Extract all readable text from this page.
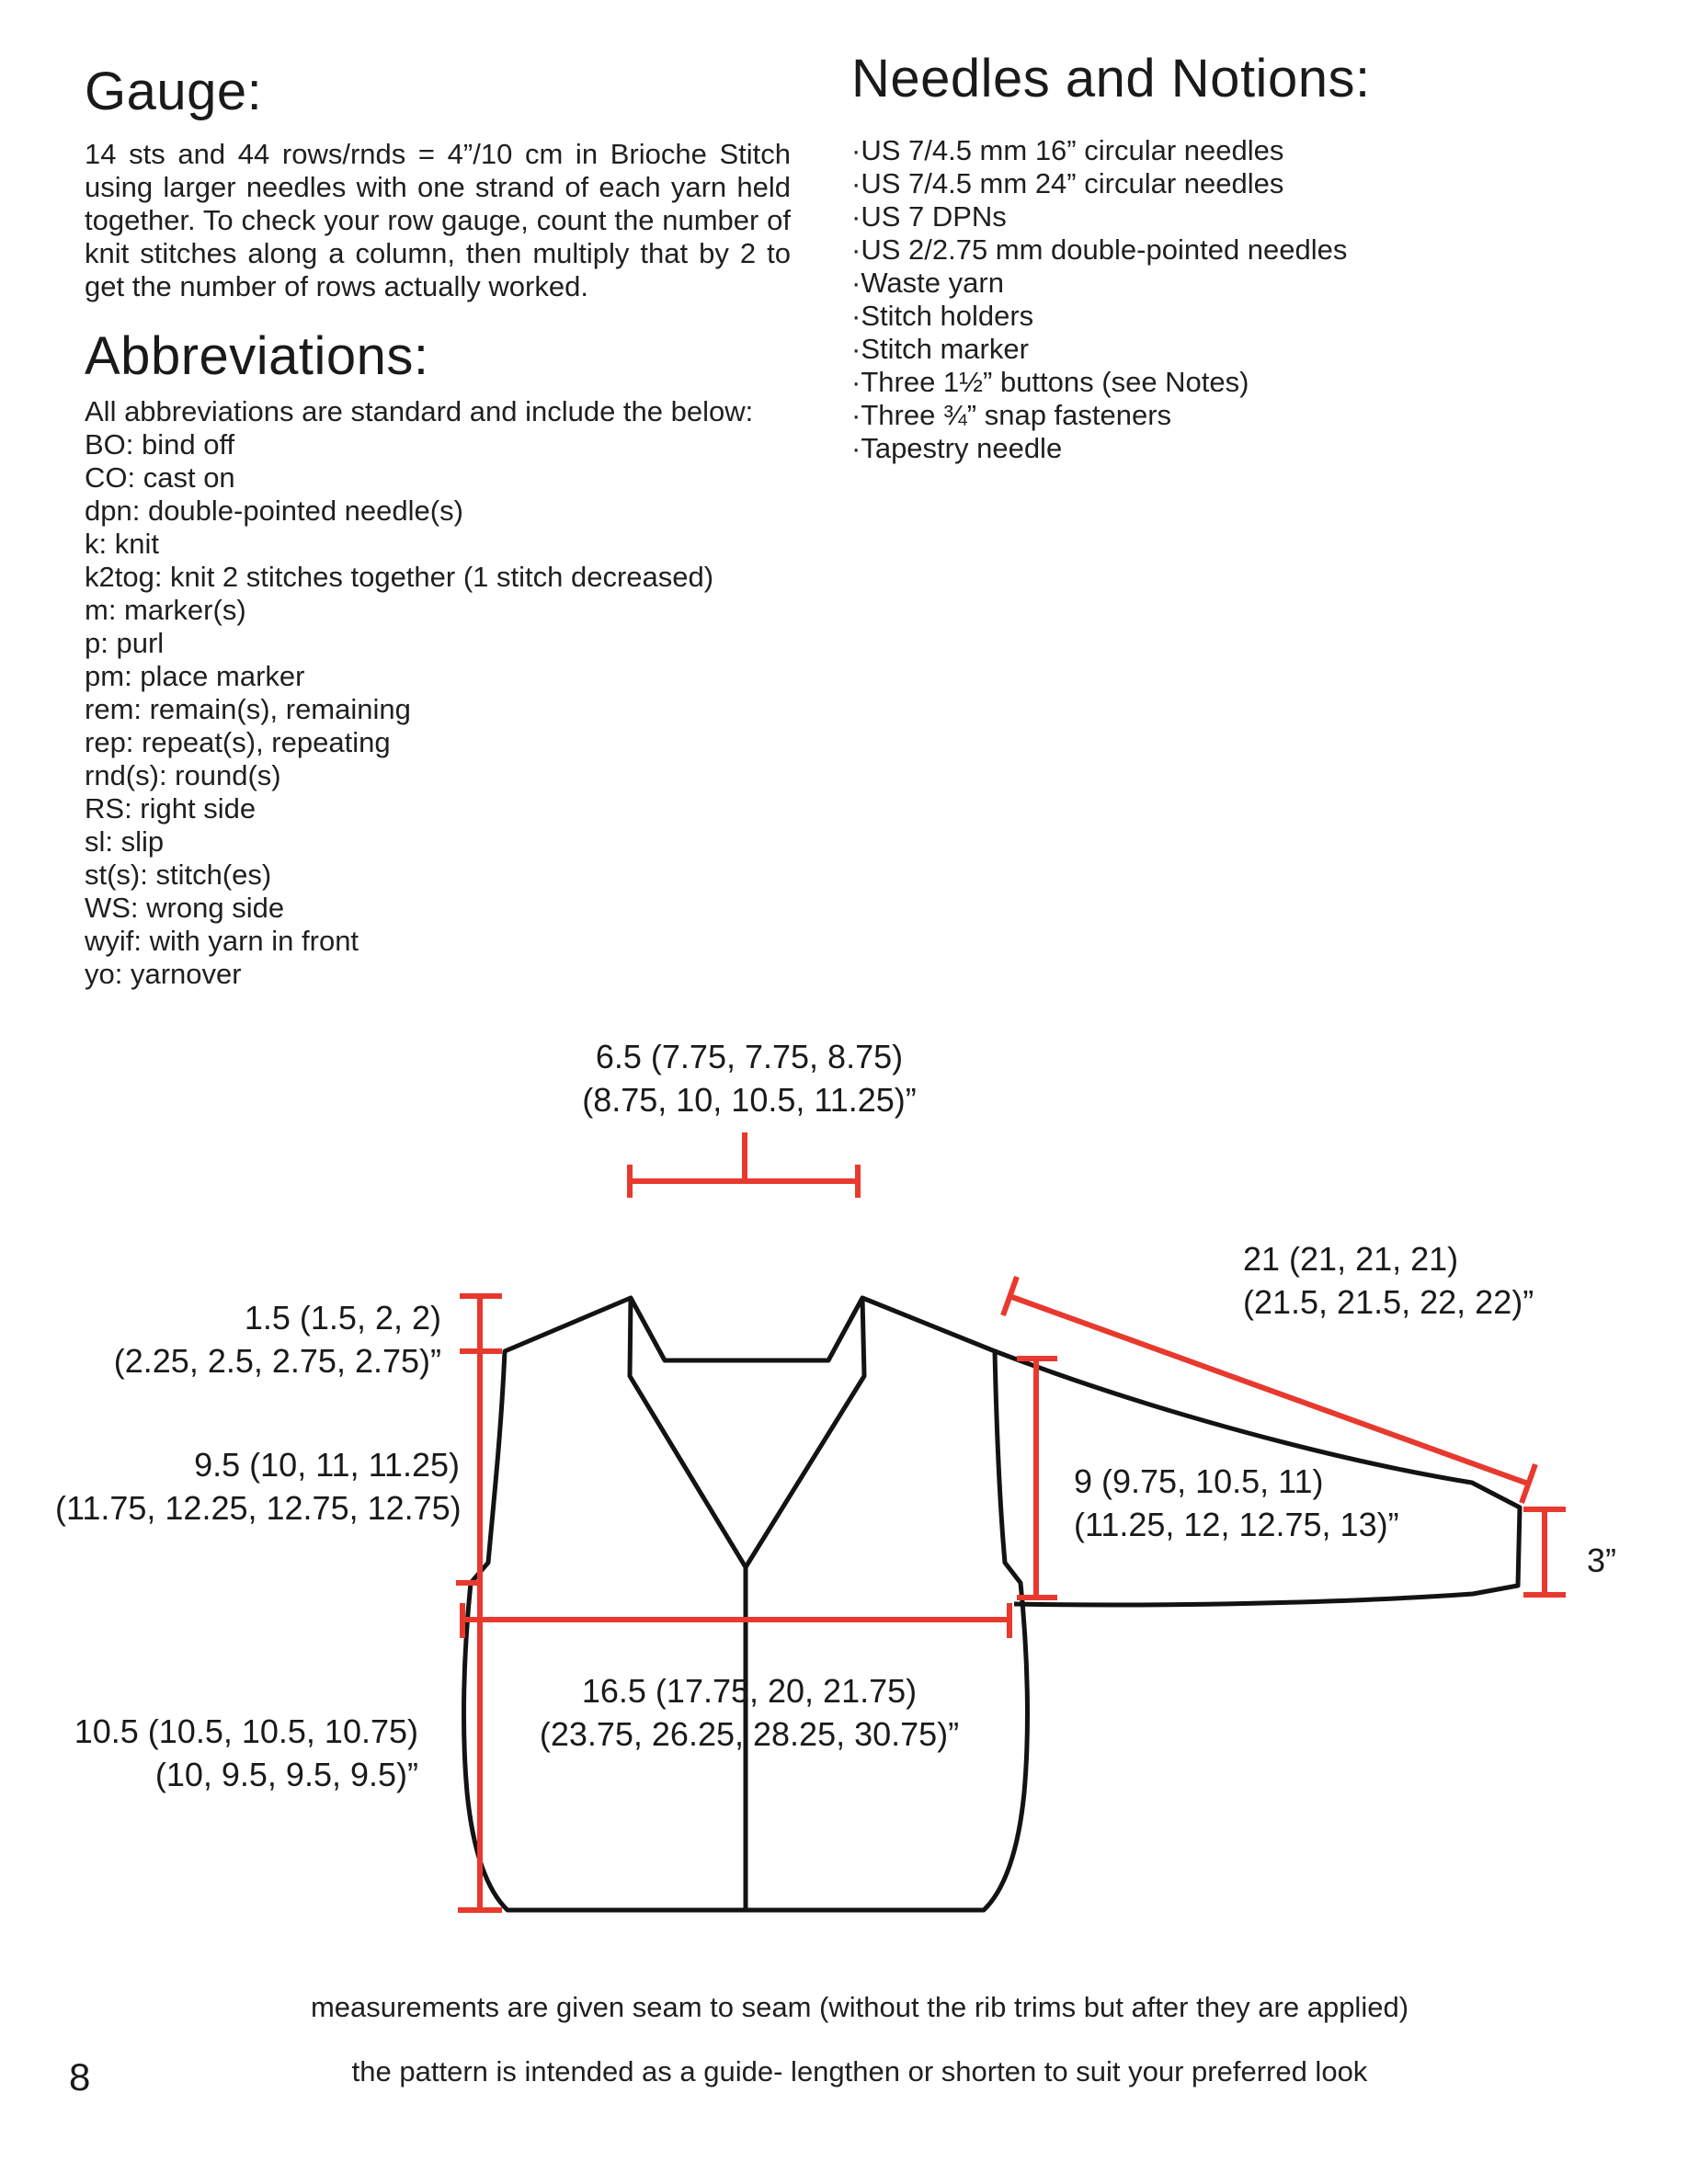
Gauge:
14 sts and 44 rows/rnds = 4”/10 cm in Brioche Stitch using larger needles with one strand of each yarn held together. To check your row gauge, count the number of knit stitches along a column, then multiply that by 2 to get the number of rows actually worked.
Abbreviations:
All abbreviations are standard and include the below:
BO: bind off
CO: cast on
dpn: double-pointed needle(s)
k: knit
k2tog: knit 2 stitches together (1 stitch decreased)
m: marker(s)
p: purl
pm: place marker
rem: remain(s), remaining
rep: repeat(s), repeating
rnd(s): round(s)
RS: right side
sl: slip
st(s): stitch(es)
WS: wrong side
wyif: with yarn in front
yo: yarnover
Needles and Notions:
·US 7/4.5 mm 16” circular needles
·US 7/4.5 mm 24” circular needles
·US 7 DPNs
·US 2/2.75 mm double-pointed needles
·Waste yarn
·Stitch holders
·Stitch marker
·Three 1½” buttons (see Notes)
·Three ¾” snap fasteners
·Tapestry needle
6.5 (7.75, 7.75, 8.75)
(8.75, 10, 10.5, 11.25)”
1.5 (1.5, 2, 2)
(2.25, 2.5, 2.75, 2.75)”
9.5 (10, 11, 11.25)
(11.75, 12.25, 12.75, 12.75)
10.5 (10.5, 10.5, 10.75)
(10, 9.5, 9.5, 9.5)”
21 (21, 21, 21)
(21.5, 21.5, 22, 22)”
9 (9.75, 10.5, 11)
(11.25, 12, 12.75, 13)”
3”
16.5 (17.75, 20, 21.75)
(23.75, 26.25, 28.25, 30.75)”
measurements are given seam to seam (without the rib trims but after they are applied)
the pattern is intended as a guide- lengthen or shorten to suit your preferred look
8
